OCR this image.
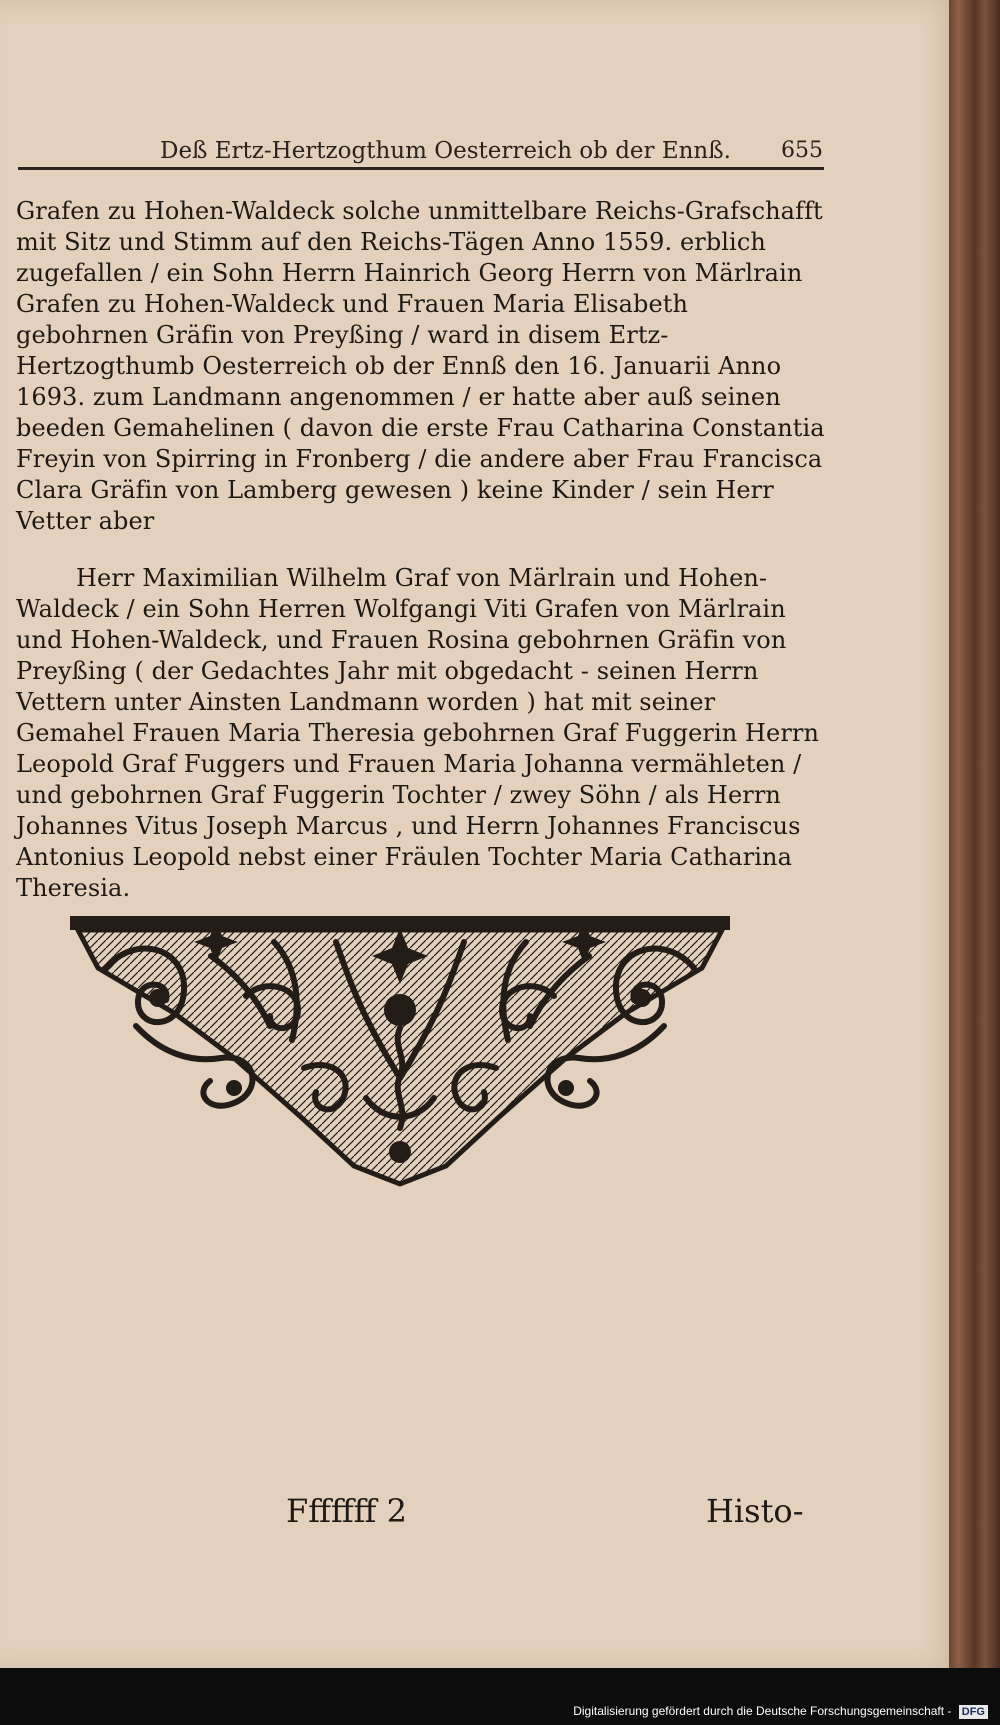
Deß Ertz-Hertzogthum Oesterreich ob der Ennß. 655

Grafen zu Hohen-Waldeck solche unmittelbare Reichs-Grafschafft mit Sitz und Stimm auf den Reichs-Tägen Anno 1559. erblich zugefallen / ein Sohn Herrn Hainrich Georg Herrn von Märlrain Grafen zu Hohen-Waldeck und Frauen Maria Elisabeth gebohrnen Gräfin von Preyßing / ward in disem Ertz-Hertzogthumb Oesterreich ob der Ennß den 16. Januarii Anno 1693. zum Landmann angenommen / er hatte aber auß seinen beeden Gemahelinen ( davon die erste Frau Catharina Constantia Freyin von Spirring in Fronberg / die andere aber Frau Francisca Clara Gräfin von Lamberg gewesen ) keine Kinder / sein Herr Vetter aber

Herr Maximilian Wilhelm Graf von Märlrain und Hohen-Waldeck / ein Sohn Herren Wolfgangi Viti Grafen von Märlrain und Hohen-Waldeck, und Frauen Rosina gebohrnen Gräfin von Preyßing ( der Gedachtes Jahr mit obgedacht - seinen Herrn Vettern unter Ainsten Landmann worden ) hat mit seiner Gemahel Frauen Maria Theresia gebohrnen Graf Fuggerin Herrn Leopold Graf Fuggers und Frauen Maria Johanna vermähleten / und gebohrnen Graf Fuggerin Tochter / zwey Söhn / als Herrn Johannes Vitus Joseph Marcus , und Herrn Johannes Franciscus Antonius Leopold nebst einer Fräulen Tochter Maria Catharina Theresia.

Fffffff 2	Histo-
Digitalisierung gefördert durch die Deutsche Forschungsgemeinschaft - DFG
